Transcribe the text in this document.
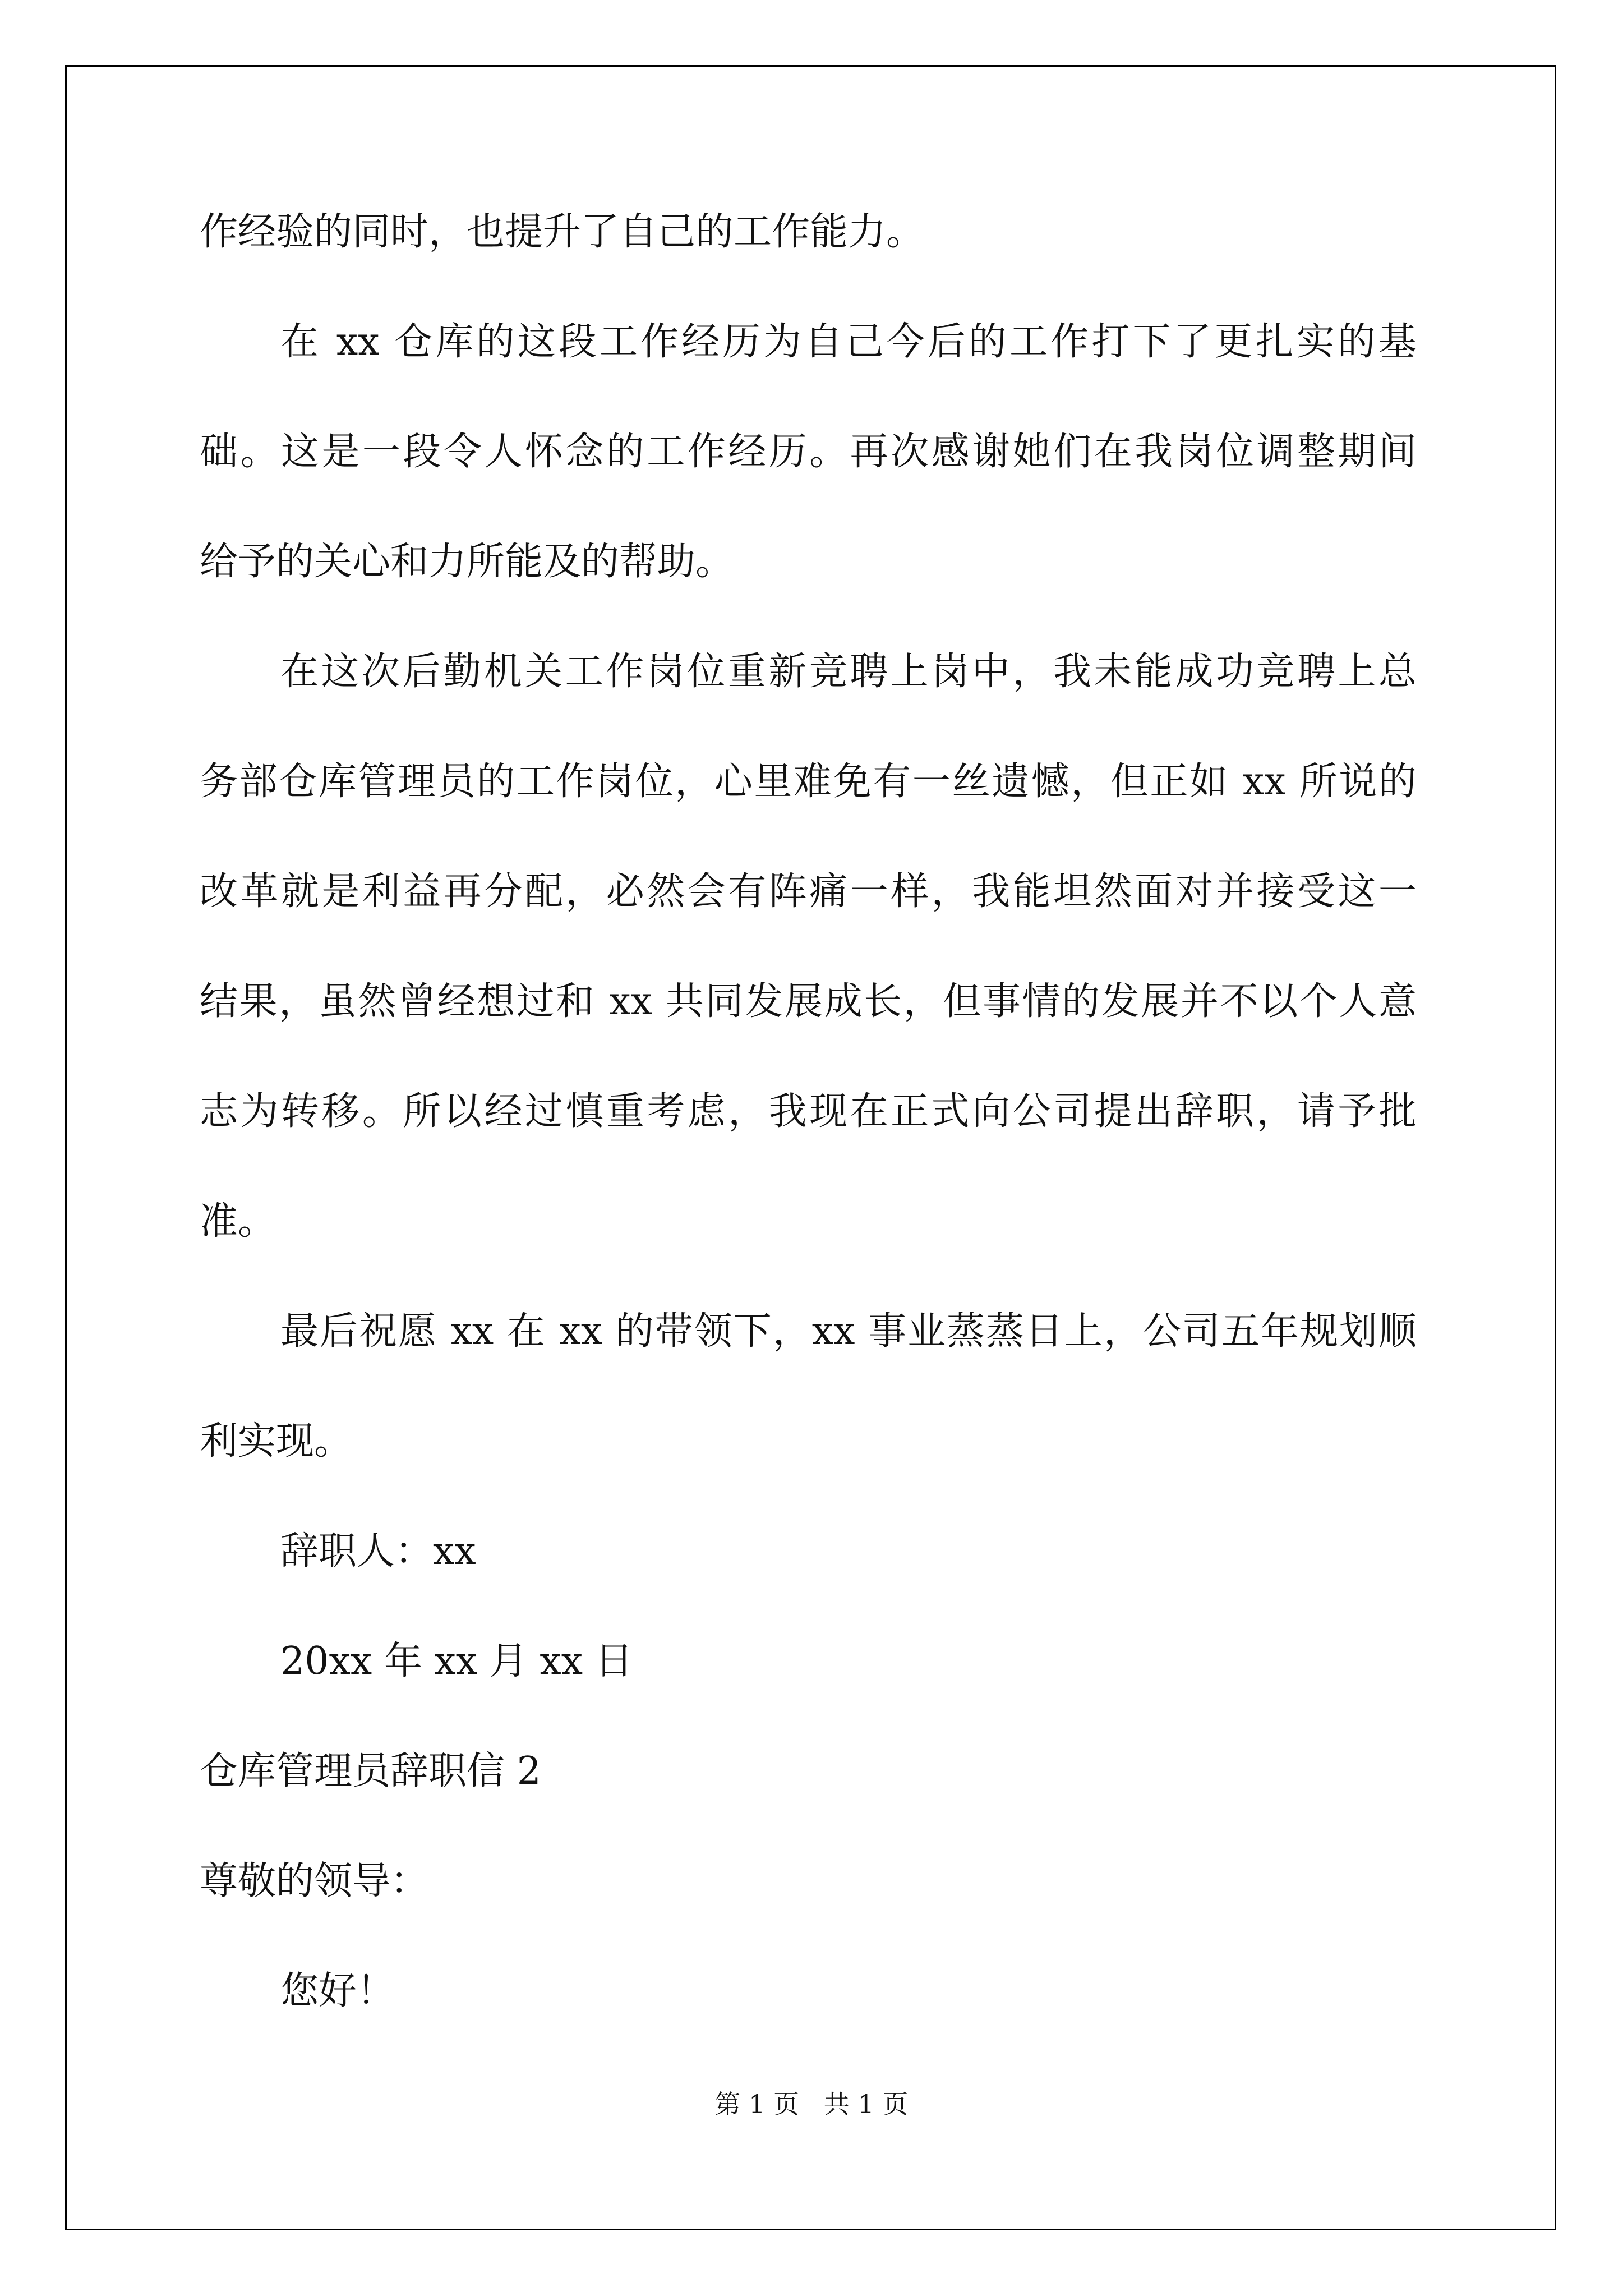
作经验的同时，也提升了自己的工作能力。
在 xx 仓库的这段工作经历为自己今后的工作打下了更扎实的基
础。这是一段令人怀念的工作经历。再次感谢她们在我岗位调整期间
给予的关心和力所能及的帮助。
在这次后勤机关工作岗位重新竞聘上岗中，我未能成功竞聘上总
务部仓库管理员的工作岗位，心里难免有一丝遗憾，但正如 xx 所说的
改革就是利益再分配，必然会有阵痛一样，我能坦然面对并接受这一
结果，虽然曾经想过和 xx 共同发展成长，但事情的发展并不以个人意
志为转移。所以经过慎重考虑，我现在正式向公司提出辞职，请予批
准。
最后祝愿 xx 在 xx 的带领下，xx 事业蒸蒸日上，公司五年规划顺
利实现。
辞职人：xx
20xx 年 xx 月 xx 日
仓库管理员辞职信 2
尊敬的领导：
您好！
第 1 页   共 1 页
